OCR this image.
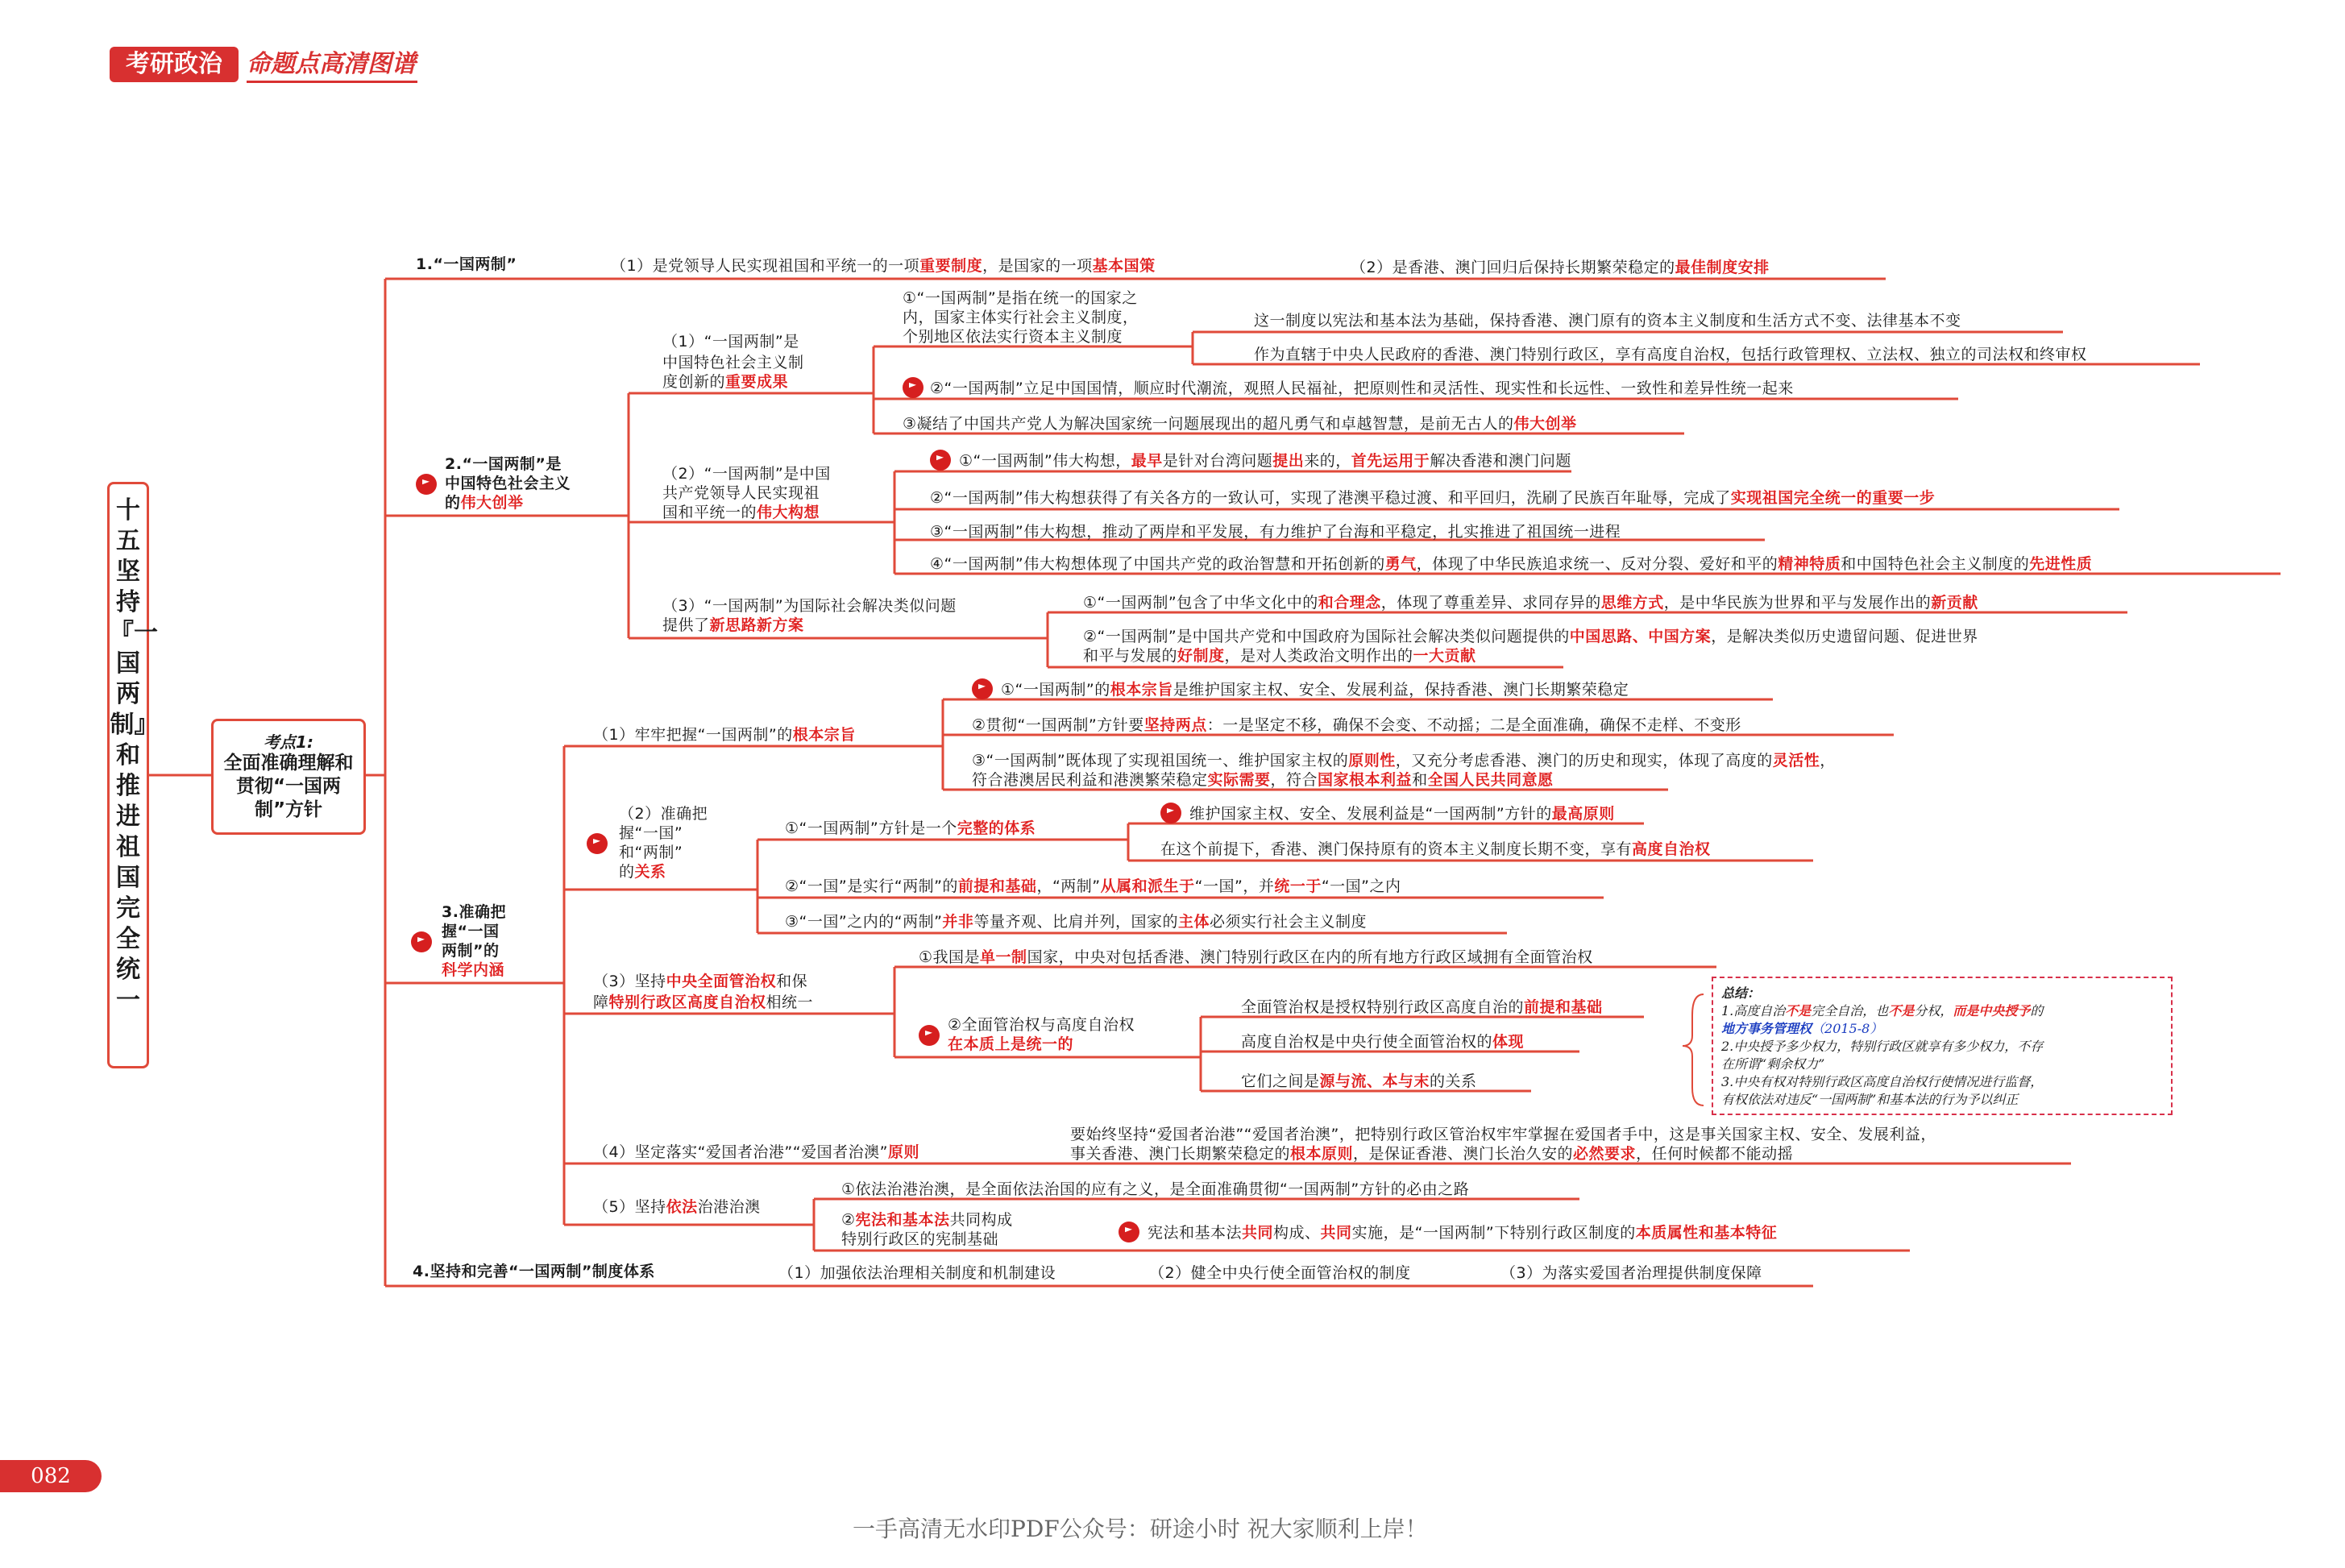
考研政治	命题点高清图谱
十五 坚持『一国两制』和推进祖国完全统一
考点1:
全面准确理解和贯彻“一国两制”方针
1.“一国两制”	（1）是党领导人民实现祖国和平统一的一项重要制度，是国家的一项基本国策	（2）是香港、澳门回归后保持长期繁荣稳定的最佳制度安排
2.“一国两制”是
中国特色社会主义
的伟大创举
（1）“一国两制”是
中国特色社会主义制
度创新的重要成果
①“一国两制”是指在统一的国家之
内，国家主体实行社会主义制度，
个别地区依法实行资本主义制度
这一制度以宪法和基本法为基础，保持香港、澳门原有的资本主义制度和生活方式不变、法律基本不变
作为直辖于中央人民政府的香港、澳门特别行政区，享有高度自治权，包括行政管理权、立法权、独立的司法权和终审权
②“一国两制”立足中国国情，顺应时代潮流，观照人民福祉，把原则性和灵活性、现实性和长远性、一致性和差异性统一起来
③凝结了中国共产党人为解决国家统一问题展现出的超凡勇气和卓越智慧，是前无古人的伟大创举
（2）“一国两制”是中国
共产党领导人民实现祖
国和平统一的伟大构想
①“一国两制”伟大构想，最早是针对台湾问题提出来的，首先运用于解决香港和澳门问题
②“一国两制”伟大构想获得了有关各方的一致认可，实现了港澳平稳过渡、和平回归，洗刷了民族百年耻辱，完成了实现祖国完全统一的重要一步
③“一国两制”伟大构想，推动了两岸和平发展，有力维护了台海和平稳定，扎实推进了祖国统一进程
④“一国两制”伟大构想体现了中国共产党的政治智慧和开拓创新的勇气，体现了中华民族追求统一、反对分裂、爱好和平的精神特质和中国特色社会主义制度的先进性质
（3）“一国两制”为国际社会解决类似问题
提供了新思路新方案
①“一国两制”包含了中华文化中的和合理念，体现了尊重差异、求同存异的思维方式，是中华民族为世界和平与发展作出的新贡献
②“一国两制”是中国共产党和中国政府为国际社会解决类似问题提供的中国思路、中国方案，是解决类似历史遗留问题、促进世界
和平与发展的好制度，是对人类政治文明作出的一大贡献
3.准确把
握“一国
两制”的
科学内涵
（1）牢牢把握“一国两制”的根本宗旨
①“一国两制”的根本宗旨是维护国家主权、安全、发展利益，保持香港、澳门长期繁荣稳定
②贯彻“一国两制”方针要坚持两点：一是坚定不移，确保不会变、不动摇；二是全面准确，确保不走样、不变形
③“一国两制”既体现了实现祖国统一、维护国家主权的原则性，又充分考虑香港、澳门的历史和现实，体现了高度的灵活性，
符合港澳居民利益和港澳繁荣稳定实际需要，符合国家根本利益和全国人民共同意愿
（2）准确把
握“一国”
和“两制”
的关系
①“一国两制”方针是一个完整的体系
维护国家主权、安全、发展利益是“一国两制”方针的最高原则
在这个前提下，香港、澳门保持原有的资本主义制度长期不变，享有高度自治权
②“一国”是实行“两制”的前提和基础，“两制”从属和派生于“一国”，并统一于“一国”之内
③“一国”之内的“两制”并非等量齐观、比肩并列，国家的主体必须实行社会主义制度
（3）坚持中央全面管治权和保
障特别行政区高度自治权相统一
①我国是单一制国家，中央对包括香港、澳门特别行政区在内的所有地方行政区域拥有全面管治权
②全面管治权与高度自治权
在本质上是统一的
全面管治权是授权特别行政区高度自治的前提和基础
高度自治权是中央行使全面管治权的体现
它们之间是源与流、本与末的关系
（4）坚定落实“爱国者治港”“爱国者治澳”原则
要始终坚持“爱国者治港”“爱国者治澳”，把特别行政区管治权牢牢掌握在爱国者手中，这是事关国家主权、安全、发展利益，
事关香港、澳门长期繁荣稳定的根本原则，是保证香港、澳门长治久安的必然要求，任何时候都不能动摇
（5）坚持依法治港治澳
①依法治港治澳，是全面依法治国的应有之义，是全面准确贯彻“一国两制”方针的必由之路
②宪法和基本法共同构成
特别行政区的宪制基础	宪法和基本法共同构成、共同实施，是“一国两制”下特别行政区制度的本质属性和基本特征
总结：
1.高度自治不是完全自治，也不是分权，而是中央授予的
地方事务管理权（2015-8）
2.中央授予多少权力，特别行政区就享有多少权力，不存
在所谓“剩余权力”
3.中央有权对特别行政区高度自治权行使情况进行监督，
有权依法对违反“一国两制”和基本法的行为予以纠正
4.坚持和完善“一国两制”制度体系	（1）加强依法治理相关制度和机制建设	（2）健全中央行使全面管治权的制度	（3）为落实爱国者治理提供制度保障
082
一手高清无水印PDF公众号：研途小时 祝大家顺利上岸！
